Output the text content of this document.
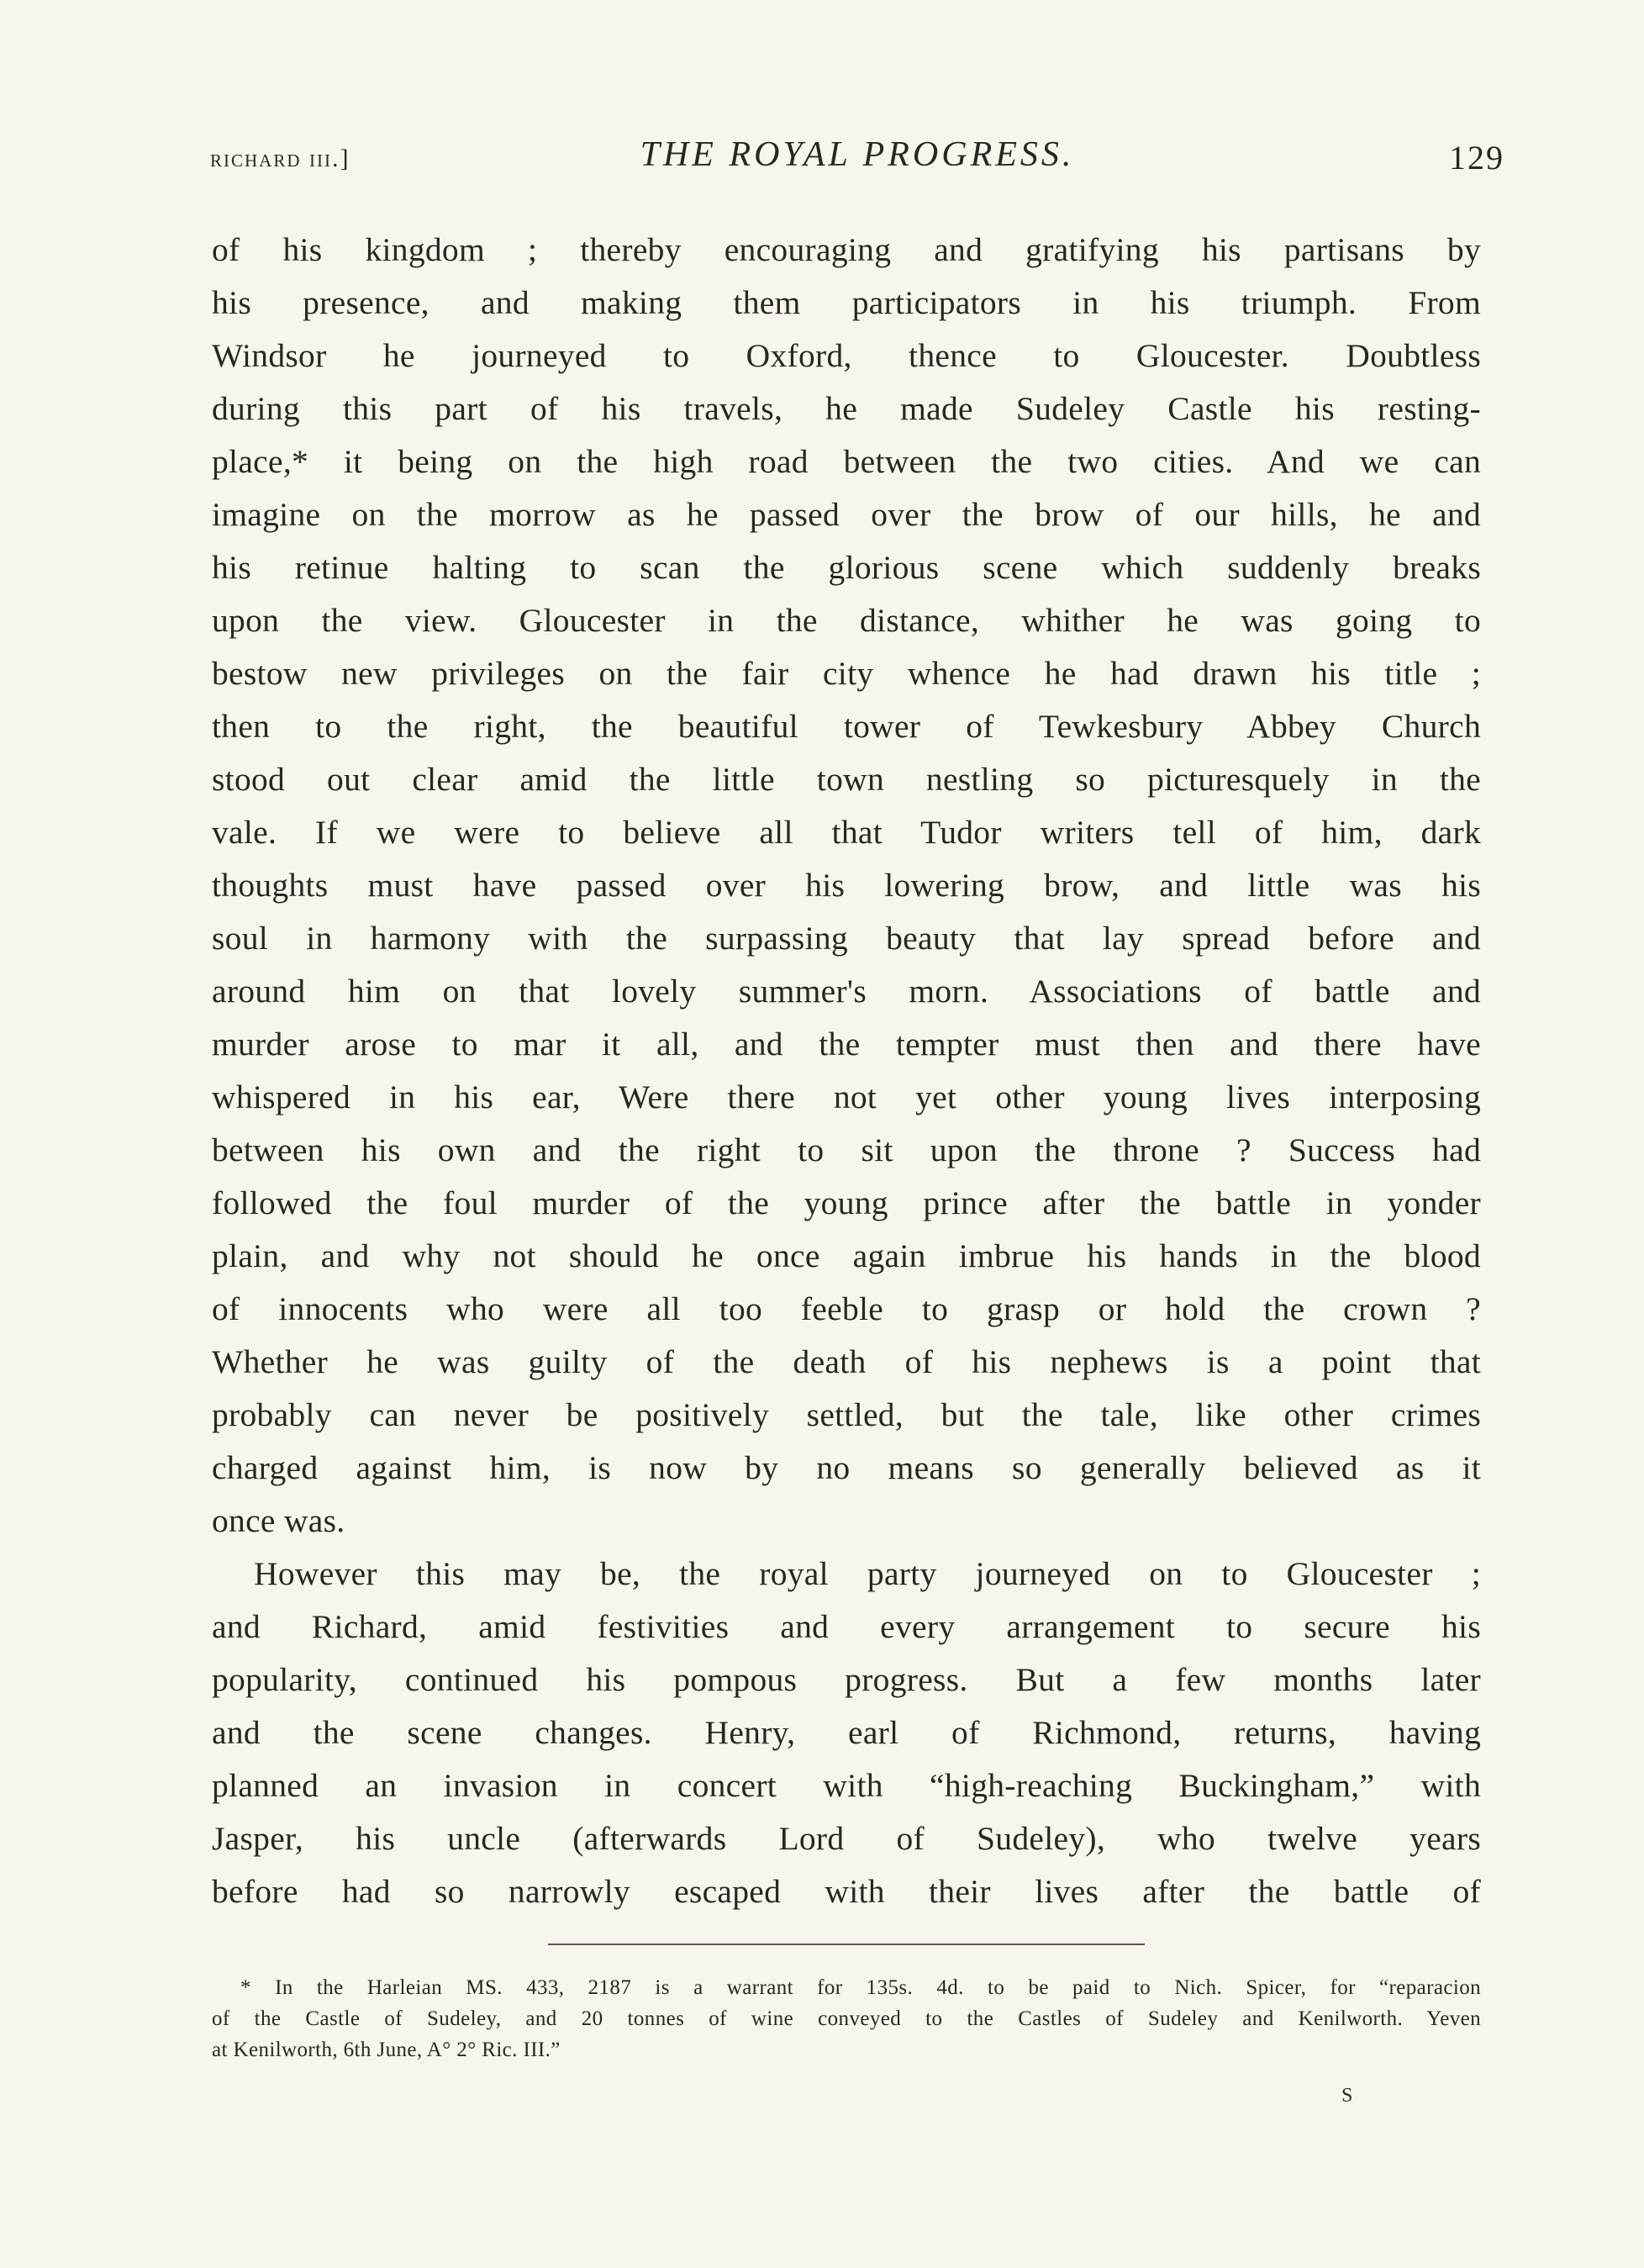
richard iii.]	THE ROYAL PROGRESS.	129
of his kingdom ; thereby encouraging and gratifying his partisans by
his presence, and making them participators in his triumph. From
Windsor he journeyed to Oxford, thence to Gloucester. Doubtless
during this part of his travels, he made Sudeley Castle his resting-
place,* it being on the high road between the two cities. And we can
imagine on the morrow as he passed over the brow of our hills, he and
his retinue halting to scan the glorious scene which suddenly breaks
upon the view. Gloucester in the distance, whither he was going to
bestow new privileges on the fair city whence he had drawn his title ;
then to the right, the beautiful tower of Tewkesbury Abbey Church
stood out clear amid the little town nestling so picturesquely in the
vale. If we were to believe all that Tudor writers tell of him, dark
thoughts must have passed over his lowering brow, and little was his
soul in harmony with the surpassing beauty that lay spread before and
around him on that lovely summer's morn. Associations of battle and
murder arose to mar it all, and the tempter must then and there have
whispered in his ear, Were there not yet other young lives interposing
between his own and the right to sit upon the throne ? Success had
followed the foul murder of the young prince after the battle in yonder
plain, and why not should he once again imbrue his hands in the blood
of innocents who were all too feeble to grasp or hold the crown ?
Whether he was guilty of the death of his nephews is a point that
probably can never be positively settled, but the tale, like other crimes
charged against him, is now by no means so generally believed as it
once was.
However this may be, the royal party journeyed on to Gloucester ;
and Richard, amid festivities and every arrangement to secure his
popularity, continued his pompous progress. But a few months later
and the scene changes. Henry, earl of Richmond, returns, having
planned an invasion in concert with “high-reaching Buckingham,” with
Jasper, his uncle (afterwards Lord of Sudeley), who twelve years
before had so narrowly escaped with their lives after the battle of
* In the Harleian MS. 433, 2187 is a warrant for 135s. 4d. to be paid to Nich. Spicer, for “reparacion
of the Castle of Sudeley, and 20 tonnes of wine conveyed to the Castles of Sudeley and Kenilworth. Yeven
at Kenilworth, 6th June, A° 2° Ric. III.”
S
